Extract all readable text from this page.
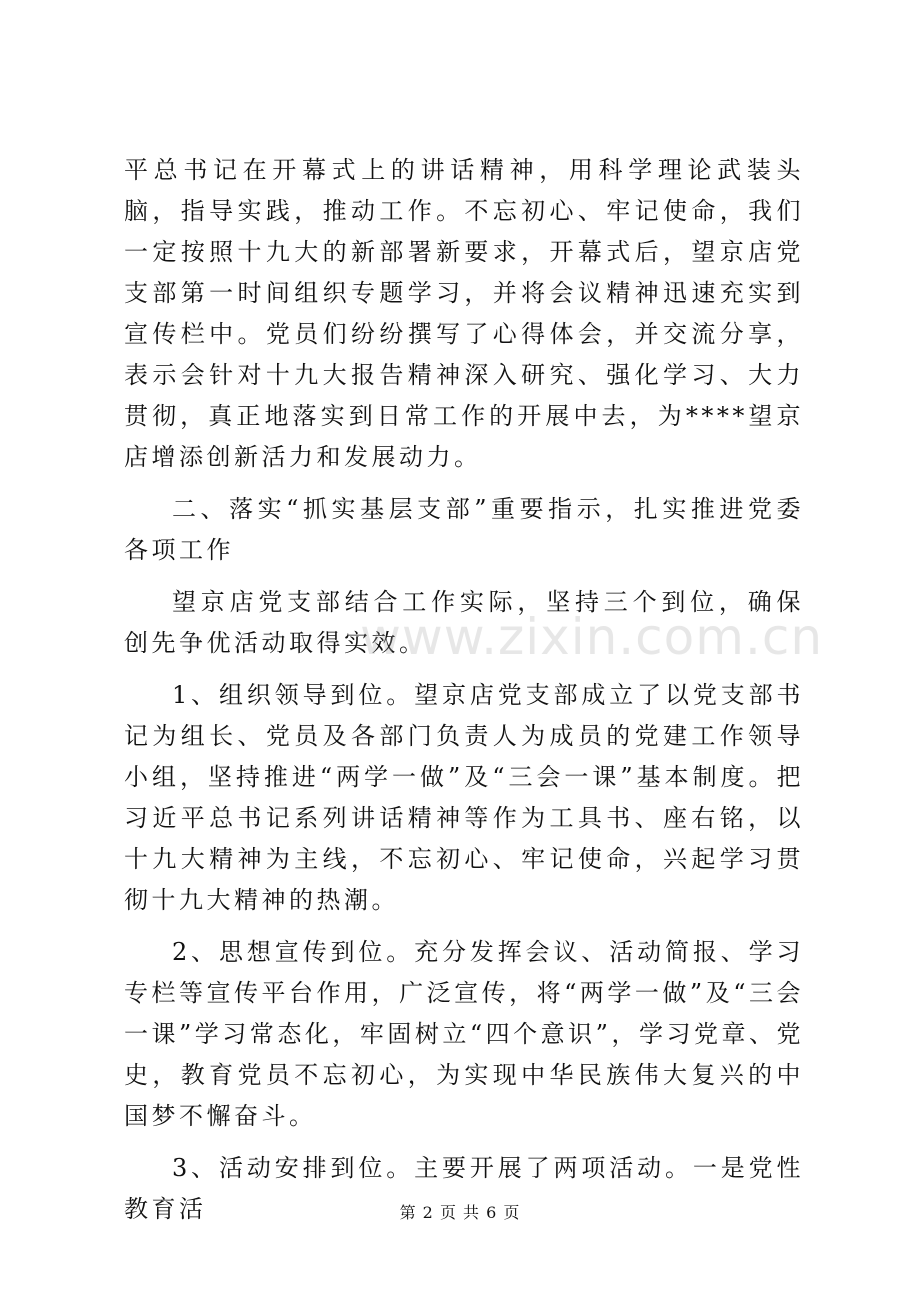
平总书记在开幕式上的讲话精神，用科学理论武装头脑，指导实践，推动工作。不忘初心、牢记使命，我们一定按照十九大的新部署新要求，开幕式后，望京店党支部第一时间组织专题学习，并将会议精神迅速充实到宣传栏中。党员们纷纷撰写了心得体会，并交流分享，表示会针对十九大报告精神深入研究、强化学习、大力贯彻，真正地落实到日常工作的开展中去，为****望京店增添创新活力和发展动力。

二、落实“抓实基层支部”重要指示，扎实推进党委各项工作

望京店党支部结合工作实际，坚持三个到位，确保创先争优活动取得实效。

1、组织领导到位。望京店党支部成立了以党支部书记为组长、党员及各部门负责人为成员的党建工作领导小组，坚持推进“两学一做”及“三会一课”基本制度。把习近平总书记系列讲话精神等作为工具书、座右铭，以十九大精神为主线，不忘初心、牢记使命，兴起学习贯彻十九大精神的热潮。

2、思想宣传到位。充分发挥会议、活动简报、学习专栏等宣传平台作用，广泛宣传，将“两学一做”及“三会一课”学习常态化，牢固树立“四个意识”，学习党章、党史，教育党员不忘初心，为实现中华民族伟大复兴的中国梦不懈奋斗。

3、活动安排到位。主要开展了两项活动。一是党性教育活

www.zixin.com.cn
第 2 页 共 6 页
